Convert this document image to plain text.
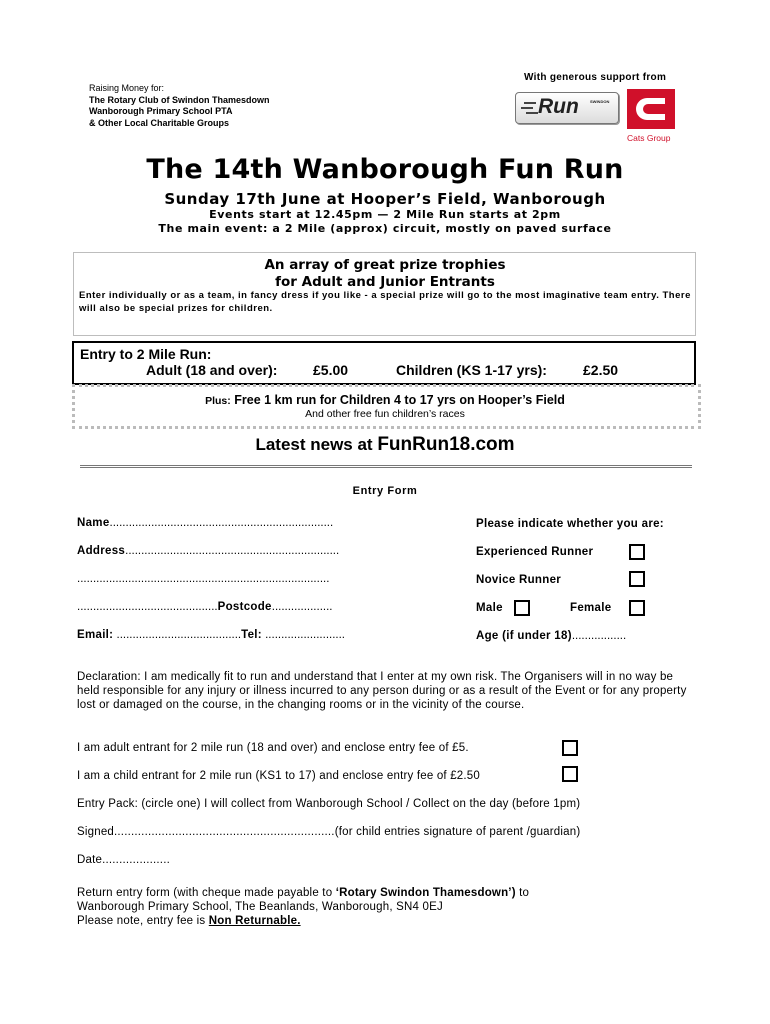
Raising Money for:
The Rotary Club of Swindon Thamesdown
Wanborough Primary School PTA
& Other Local Charitable Groups
With generous support from
Run	SWINDON
Cats Group
The 14th Wanborough Fun Run
Sunday 17th June at Hooper’s Field, Wanborough
Events start at 12.45pm — 2 Mile Run starts at 2pm
The main event: a 2 Mile (approx) circuit, mostly on paved surface
An array of great prize trophies
for Adult and Junior Entrants
Enter individually or as a team, in fancy dress if you like - a special prize will go to the most imaginative team entry. There will also be special prizes for children.
Entry to 2 Mile Run:
Adult (18 and over):	£5.00	Children (KS 1-17 yrs):	£2.50
Plus: Free 1 km run for Children 4 to 17 yrs on Hooper’s Field
And other free fun children’s races
Latest news at FunRun18.com
Entry Form
Name......................................................................
Address...................................................................
...............................................................................
............................................Postcode...................
Email: .......................................Tel: .........................
Please indicate whether you are:
Experienced Runner
Novice Runner
Male	Female
Age (if under 18).................
Declaration: I am medically fit to run and understand that I enter at my own risk. The Organisers will in no way be held responsible for any injury or illness incurred to any person during or as a result of the Event or for any property lost or damaged on the course, in the changing rooms or in the vicinity of the course.
I am adult entrant for 2 mile run (18 and over) and enclose entry fee of £5.
I am a child entrant for 2 mile run (KS1 to 17) and enclose entry fee of £2.50
Entry Pack: (circle one) I will collect from Wanborough School / Collect on the day (before 1pm)
Signed.................................................................(for child entries signature of parent /guardian)
Date....................
Return entry form (with cheque made payable to ‘Rotary Swindon Thamesdown’) to
Wanborough Primary School, The Beanlands, Wanborough, SN4 0EJ
Please note, entry fee is Non Returnable.
